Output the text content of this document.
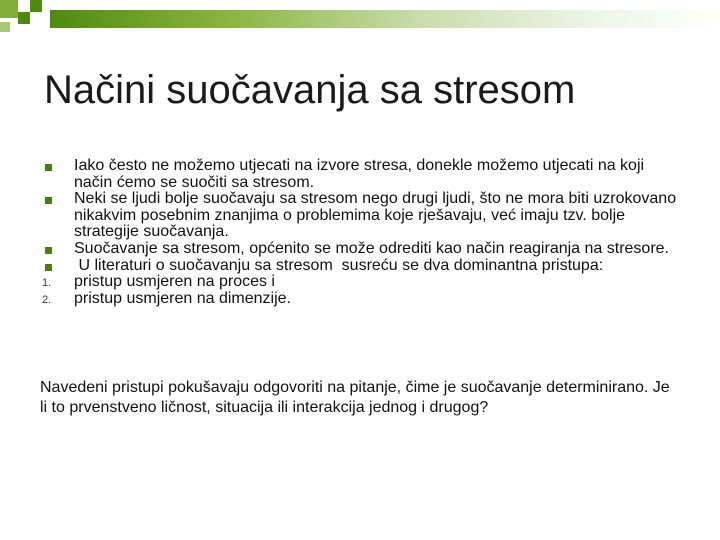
Načini suočavanja sa stresom
Iako često ne možemo utjecati na izvore stresa, donekle možemo utjecati na koji način ćemo se suočiti sa stresom.
Neki se ljudi bolje suočavaju sa stresom nego drugi ljudi, što ne mora biti uzrokovano nikakvim posebnim znanjima o problemima koje rješavaju, već imaju tzv. bolje strategije suočavanja.
Suočavanje sa stresom, općenito se može odrediti kao način reagiranja na stresore.
U literaturi o suočavanju sa stresom  susreću se dva dominantna pristupa:
1.	pristup usmjeren na proces i
2.	pristup usmjeren na dimenzije.

Navedeni pristupi pokušavaju odgovoriti na pitanje, čime je suočavanje determinirano. Je li to prvenstveno ličnost, situacija ili interakcija jednog i drugog?
